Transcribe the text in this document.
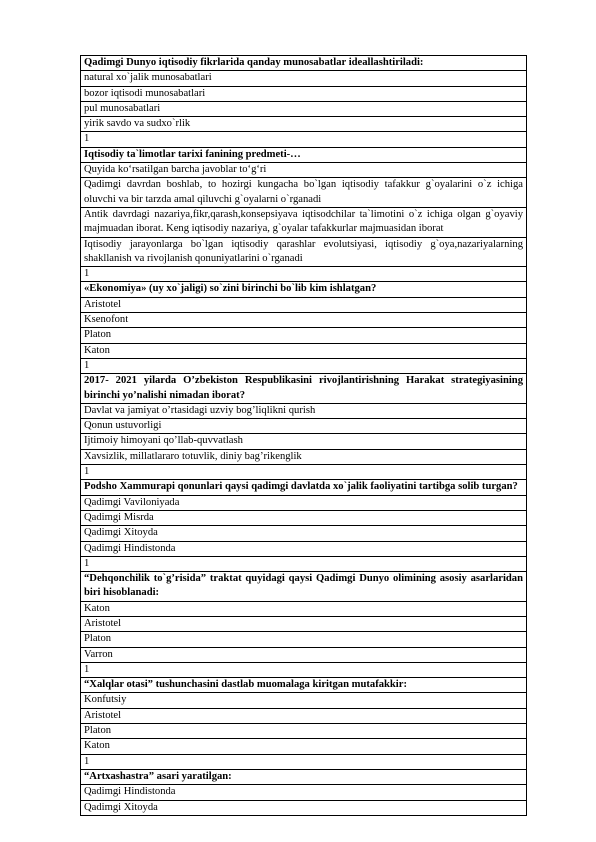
Qadimgi Dunyo iqtisodiy fikrlarida qanday munosabatlar ideallashtiriladi:
natural xo`jalik munosabatlari
bozor iqtisodi munosabatlari
pul munosabatlari
yirik savdo va sudxo`rlik
1
Iqtisodiy ta`limotlar tarixi fanining predmeti-…
Quyida ko‘rsatilgan barcha javoblar to‘g‘ri
Qadimgi davrdan boshlab, to hozirgi kungacha bo`lgan iqtisodiy tafakkur g`oyalarini o`z ichiga oluvchi va bir tarzda amal qiluvchi g`oyalarni o`rganadi
Antik davrdagi nazariya,fikr,qarash,konsepsiyava iqtisodchilar ta`limotini o`z ichiga olgan g`oyaviy majmuadan iborat. Keng iqtisodiy nazariya, g`oyalar tafakkurlar majmuasidan iborat
Iqtisodiy jarayonlarga bo`lgan iqtisodiy qarashlar evolutsiyasi, iqtisodiy g`oya,nazariyalarning shakllanish va rivojlanish qonuniyatlarini o`rganadi
1
«Ekonomiya» (uy xo`jaligi) so`zini birinchi bo`lib kim ishlatgan?
Aristotel
Ksenofont
Platon
Katon
1
2017- 2021 yilarda O’zbekiston Respublikasini rivojlantirishning Harakat strategiyasining birinchi yo’nalishi nimadan iborat?
Davlat va jamiyat o’rtasidagi uzviy bog’liqlikni qurish
Qonun ustuvorligi
Ijtimoiy himoyani qo’llab-quvvatlash
Xavsizlik, millatlararo totuvlik, diniy bag’rikenglik
1
Podsho Xammurapi qonunlari qaysi qadimgi davlatda xo`jalik faoliyatini tartibga solib turgan?
Qadimgi Vaviloniyada
Qadimgi Misrda
Qadimgi Xitoyda
Qadimgi Hindistonda
1
“Dehqonchilik to`g’risida” traktat quyidagi qaysi Qadimgi Dunyo olimining asosiy asarlaridan biri hisoblanadi:
Katon
Aristotel
Platon
Varron
1
“Xalqlar otasi” tushunchasini dastlab muomalaga kiritgan mutafakkir:
Konfutsiy
Aristotel
Platon
Katon
1
“Artxashastra” asari yaratilgan:
Qadimgi Hindistonda
Qadimgi Xitoyda
